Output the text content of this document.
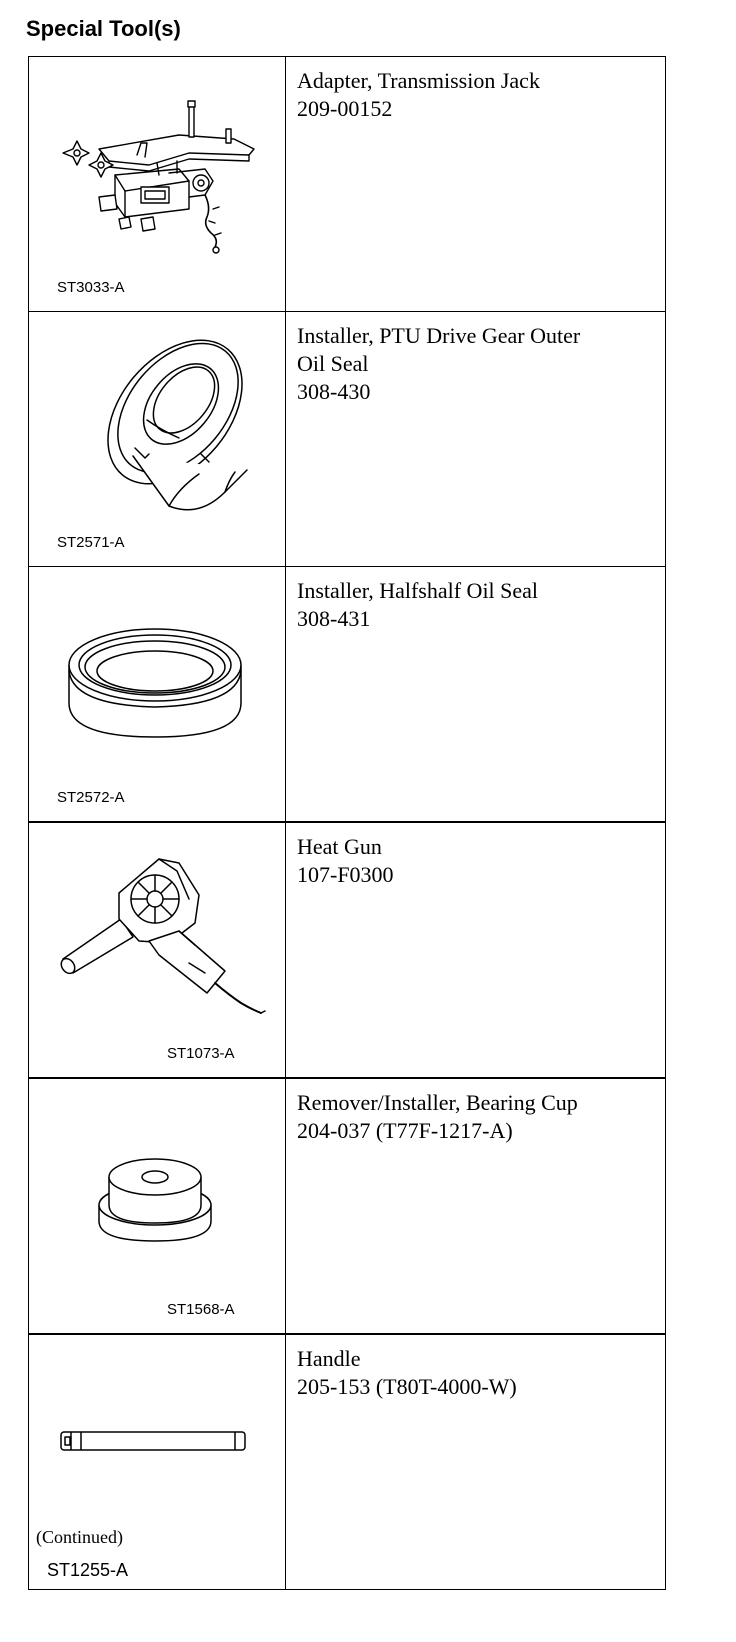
Special Tool(s)
ST3033-A	Adapter, Transmission Jack
209-00152

ST2571-A	Installer, PTU Drive Gear Outer
Oil Seal
308-430

ST2572-A	Installer, Halfshalf Oil Seal
308-431

ST1073-A	Heat Gun
107-F0300

ST1568-A	Remover/Installer, Bearing Cup
204-037 (T77F-1217-A)

ST1255-A	Handle
205-153 (T80T-4000-W)
(Continued)
